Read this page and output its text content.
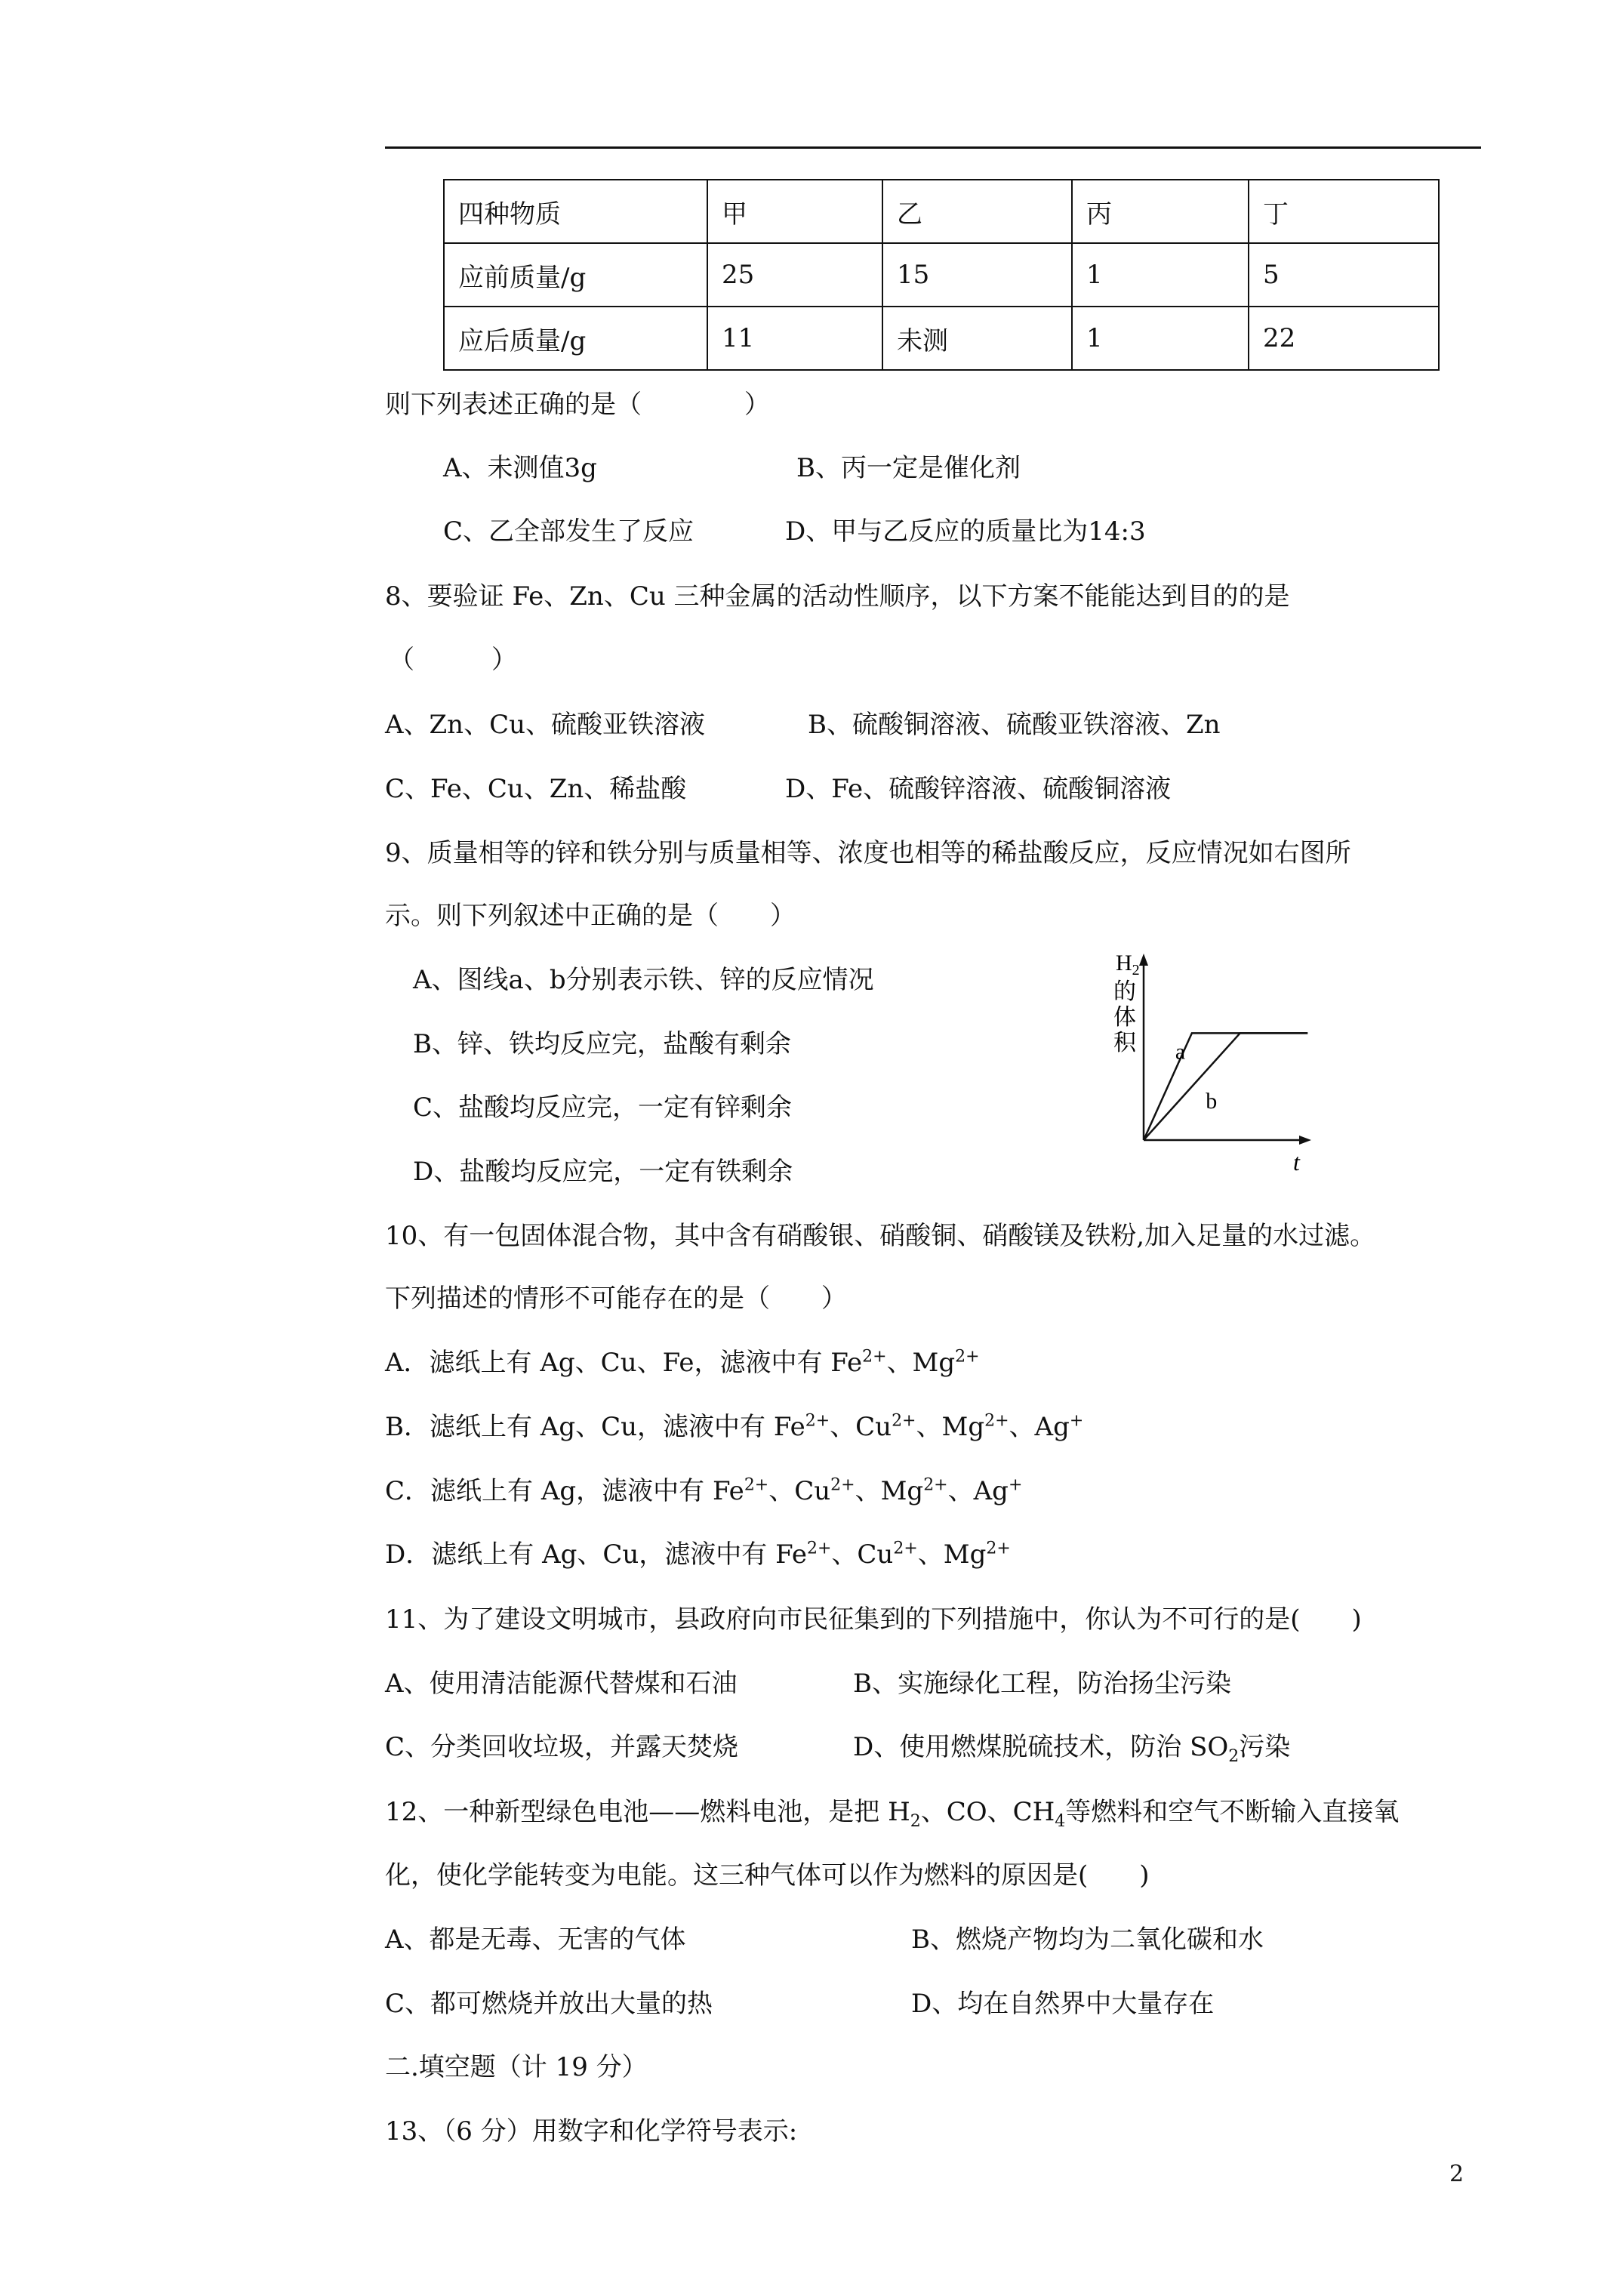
四种物质	甲	乙	丙	丁
应前质量/g	25	15	1	5
应后质量/g	11	未测	1	22
则下列表述正确的是（　　　　）
A、未测值3g	B、丙一定是催化剂
C、乙全部发生了反应	D、甲与乙反应的质量比为14:3
8、要验证 Fe、Zn、Cu 三种金属的活动性顺序，以下方案不能能达到目的的是
（　　　）
A、Zn、Cu、硫酸亚铁溶液	B、硫酸铜溶液、硫酸亚铁溶液、Zn
C、Fe、Cu、Zn、稀盐酸	D、Fe、硫酸锌溶液、硫酸铜溶液
9、质量相等的锌和铁分别与质量相等、浓度也相等的稀盐酸反应，反应情况如右图所
示。则下列叙述中正确的是（　　）
A、图线a、b分别表示铁、锌的反应情况
B、锌、铁均反应完，盐酸有剩余
C、盐酸均反应完，一定有锌剩余
D、盐酸均反应完，一定有铁剩余
$H_2$
的
体
积
t
a
b
10、有一包固体混合物，其中含有硝酸银、硝酸铜、硝酸镁及铁粉,加入足量的水过滤。
下列描述的情形不可能存在的是（　　）
A．滤纸上有 Ag、Cu、Fe，滤液中有 $Fe^{2+}$、$Mg^{2+}$
B．滤纸上有 Ag、Cu，滤液中有 $Fe^{2+}$、$Cu^{2+}$、$Mg^{2+}$、Ag+
C．滤纸上有 Ag，滤液中有 $Fe^{2+}$、$Cu^{2+}$、$Mg^{2+}$、Ag+
D．滤纸上有 Ag、Cu，滤液中有 $Fe^{2+}$、$Cu^{2+}$、$Mg^{2+}$
11、为了建设文明城市，县政府向市民征集到的下列措施中，你认为不可行的是(　　)
A、使用清洁能源代替煤和石油	B、实施绿化工程，防治扬尘污染
C、分类回收垃圾，并露天焚烧	D、使用燃煤脱硫技术，防治 $SO_2$污染
12、一种新型绿色电池——燃料电池，是把 $H_2$、CO、$CH_4$等燃料和空气不断输入直接氧
化，使化学能转变为电能。这三种气体可以作为燃料的原因是(　　)
A、都是无毒、无害的气体	B、燃烧产物均为二氧化碳和水
C、都可燃烧并放出大量的热	D、均在自然界中大量存在
二.填空题（计 19 分）
13、（6 分）用数字和化学符号表示:
2
